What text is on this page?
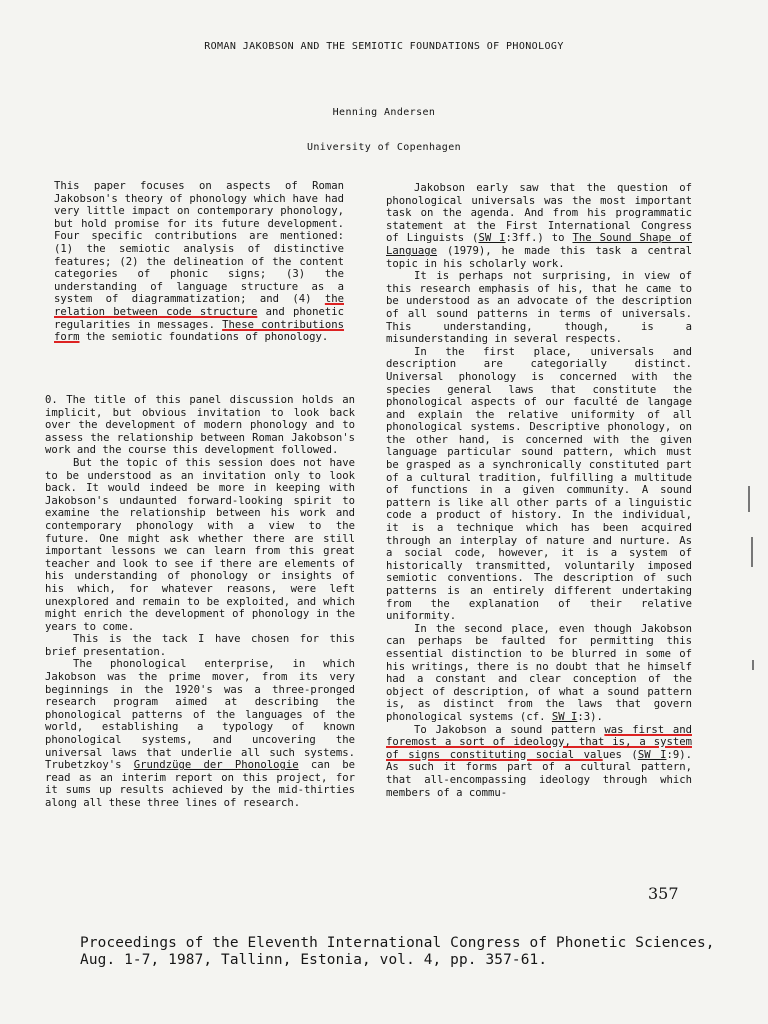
ROMAN JAKOBSON AND THE SEMIOTIC FOUNDATIONS OF PHONOLOGY
Henning Andersen
University of Copenhagen

This paper focuses on aspects of Roman Jakobson's theory of phonology which have had very little impact on contemporary phonology, but hold promise for its future development. Four specific contributions are mentioned: (1) the semiotic analysis of distinctive features; (2) the delineation of the content categories of phonic signs; (3) the understanding of language structure as a system of diagrammatization; and (4) the relation between code structure and phonetic regularities in messages. These contributions form the semiotic foundations of phonology.

0. The title of this panel discussion holds an implicit, but obvious invitation to look back over the development of modern phonology and to assess the relationship between Roman Jakobson's work and the course this development followed.

But the topic of this session does not have to be understood as an invitation only to look back. It would indeed be more in keeping with Jakobson's undaunted forward-looking spirit to examine the relationship between his work and contemporary phonology with a view to the future. One might ask whether there are still important lessons we can learn from this great teacher and look to see if there are elements of his understanding of phonology or insights of his which, for whatever reasons, were left unexplored and remain to be exploited, and which might enrich the development of phonology in the years to come.

This is the tack I have chosen for this brief presentation.

The phonological enterprise, in which Jakobson was the prime mover, from its very beginnings in the 1920's was a three-pronged research program aimed at describing the phonological patterns of the languages of the world, establishing a typology of known phonological systems, and uncovering the universal laws that underlie all such systems. Trubetzkoy's Grundzüge der Phonologie can be read as an interim report on this project, for it sums up results achieved by the mid-thirties along all these three lines of research.

Jakobson early saw that the question of phonological universals was the most important task on the agenda. And from his programmatic statement at the First International Congress of Linguists (SW I:3ff.) to The Sound Shape of Language (1979), he made this task a central topic in his scholarly work.

It is perhaps not surprising, in view of this research emphasis of his, that he came to be understood as an advocate of the description of all sound patterns in terms of universals. This understanding, though, is a misunderstanding in several respects.

In the first place, universals and description are categorially distinct. Universal phonology is concerned with the species general laws that constitute the phonological aspects of our faculté de langage and explain the relative uniformity of all phonological systems. Descriptive phonology, on the other hand, is concerned with the given language particular sound pattern, which must be grasped as a synchronically constituted part of a cultural tradition, fulfilling a multitude of functions in a given community. A sound pattern is like all other parts of a linguistic code a product of history. In the individual, it is a technique which has been acquired through an interplay of nature and nurture. As a social code, however, it is a system of historically transmitted, voluntarily imposed semiotic conventions. The description of such patterns is an entirely different undertaking from the explanation of their relative uniformity.

In the second place, even though Jakobson can perhaps be faulted for permitting this essential distinction to be blurred in some of his writings, there is no doubt that he himself had a constant and clear conception of the object of description, of what a sound pattern is, as distinct from the laws that govern phonological systems (cf. SW I:3).

To Jakobson a sound pattern was first and foremost a sort of ideology, that is, a system of signs constituting social values (SW I:9). As such it forms part of a cultural pattern, that all-encompassing ideology through which members of a commu-

357
Proceedings of the Eleventh International Congress of Phonetic Sciences, Aug. 1-7, 1987, Tallinn, Estonia, vol. 4, pp. 357-61.
